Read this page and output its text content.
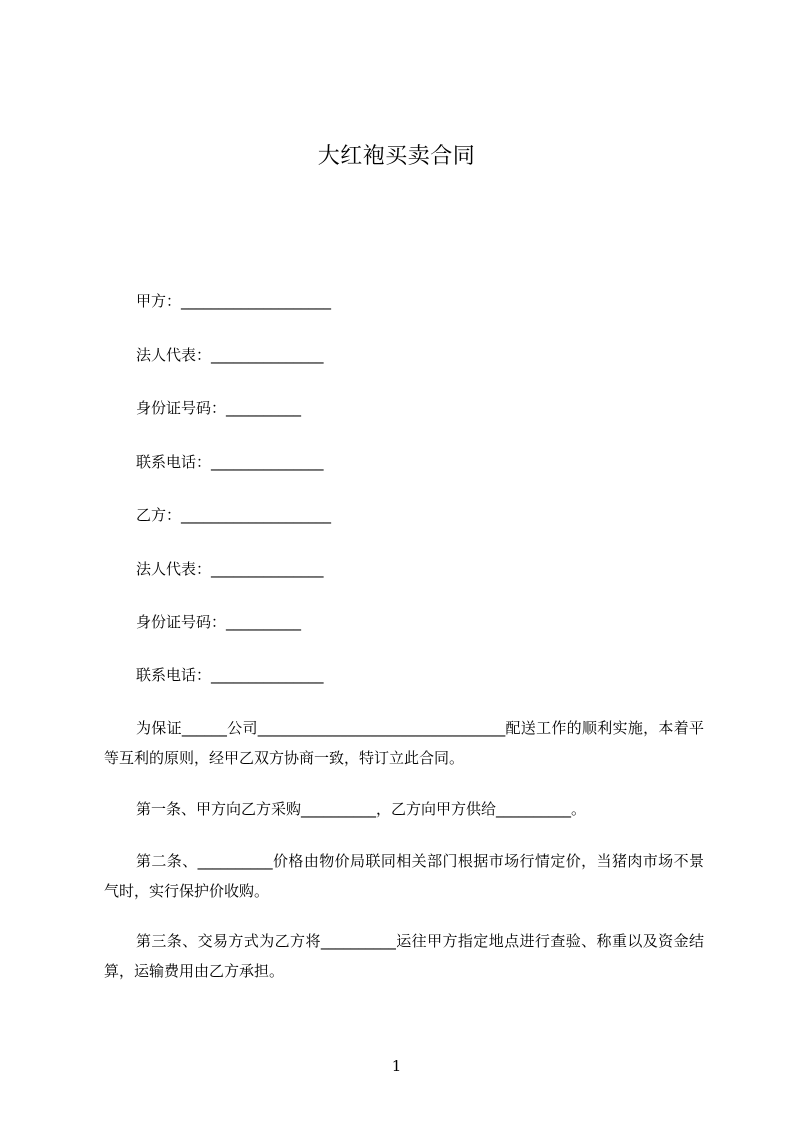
大红袍买卖合同
甲方：____________________
法人代表：_______________
身份证号码：__________
联系电话：_______________
乙方：____________________
法人代表：_______________
身份证号码：__________
联系电话：_______________

为保证______公司_________________________________配送工作的顺利实施，本着平等互利的原则，经甲乙双方协商一致，特订立此合同。

第一条、甲方向乙方采购__________，乙方向甲方供给__________。

第二条、__________价格由物价局联同相关部门根据市场行情定价，当猪肉市场不景气时，实行保护价收购。

第三条、交易方式为乙方将__________运往甲方指定地点进行查验、称重以及资金结算，运输费用由乙方承担。

1
